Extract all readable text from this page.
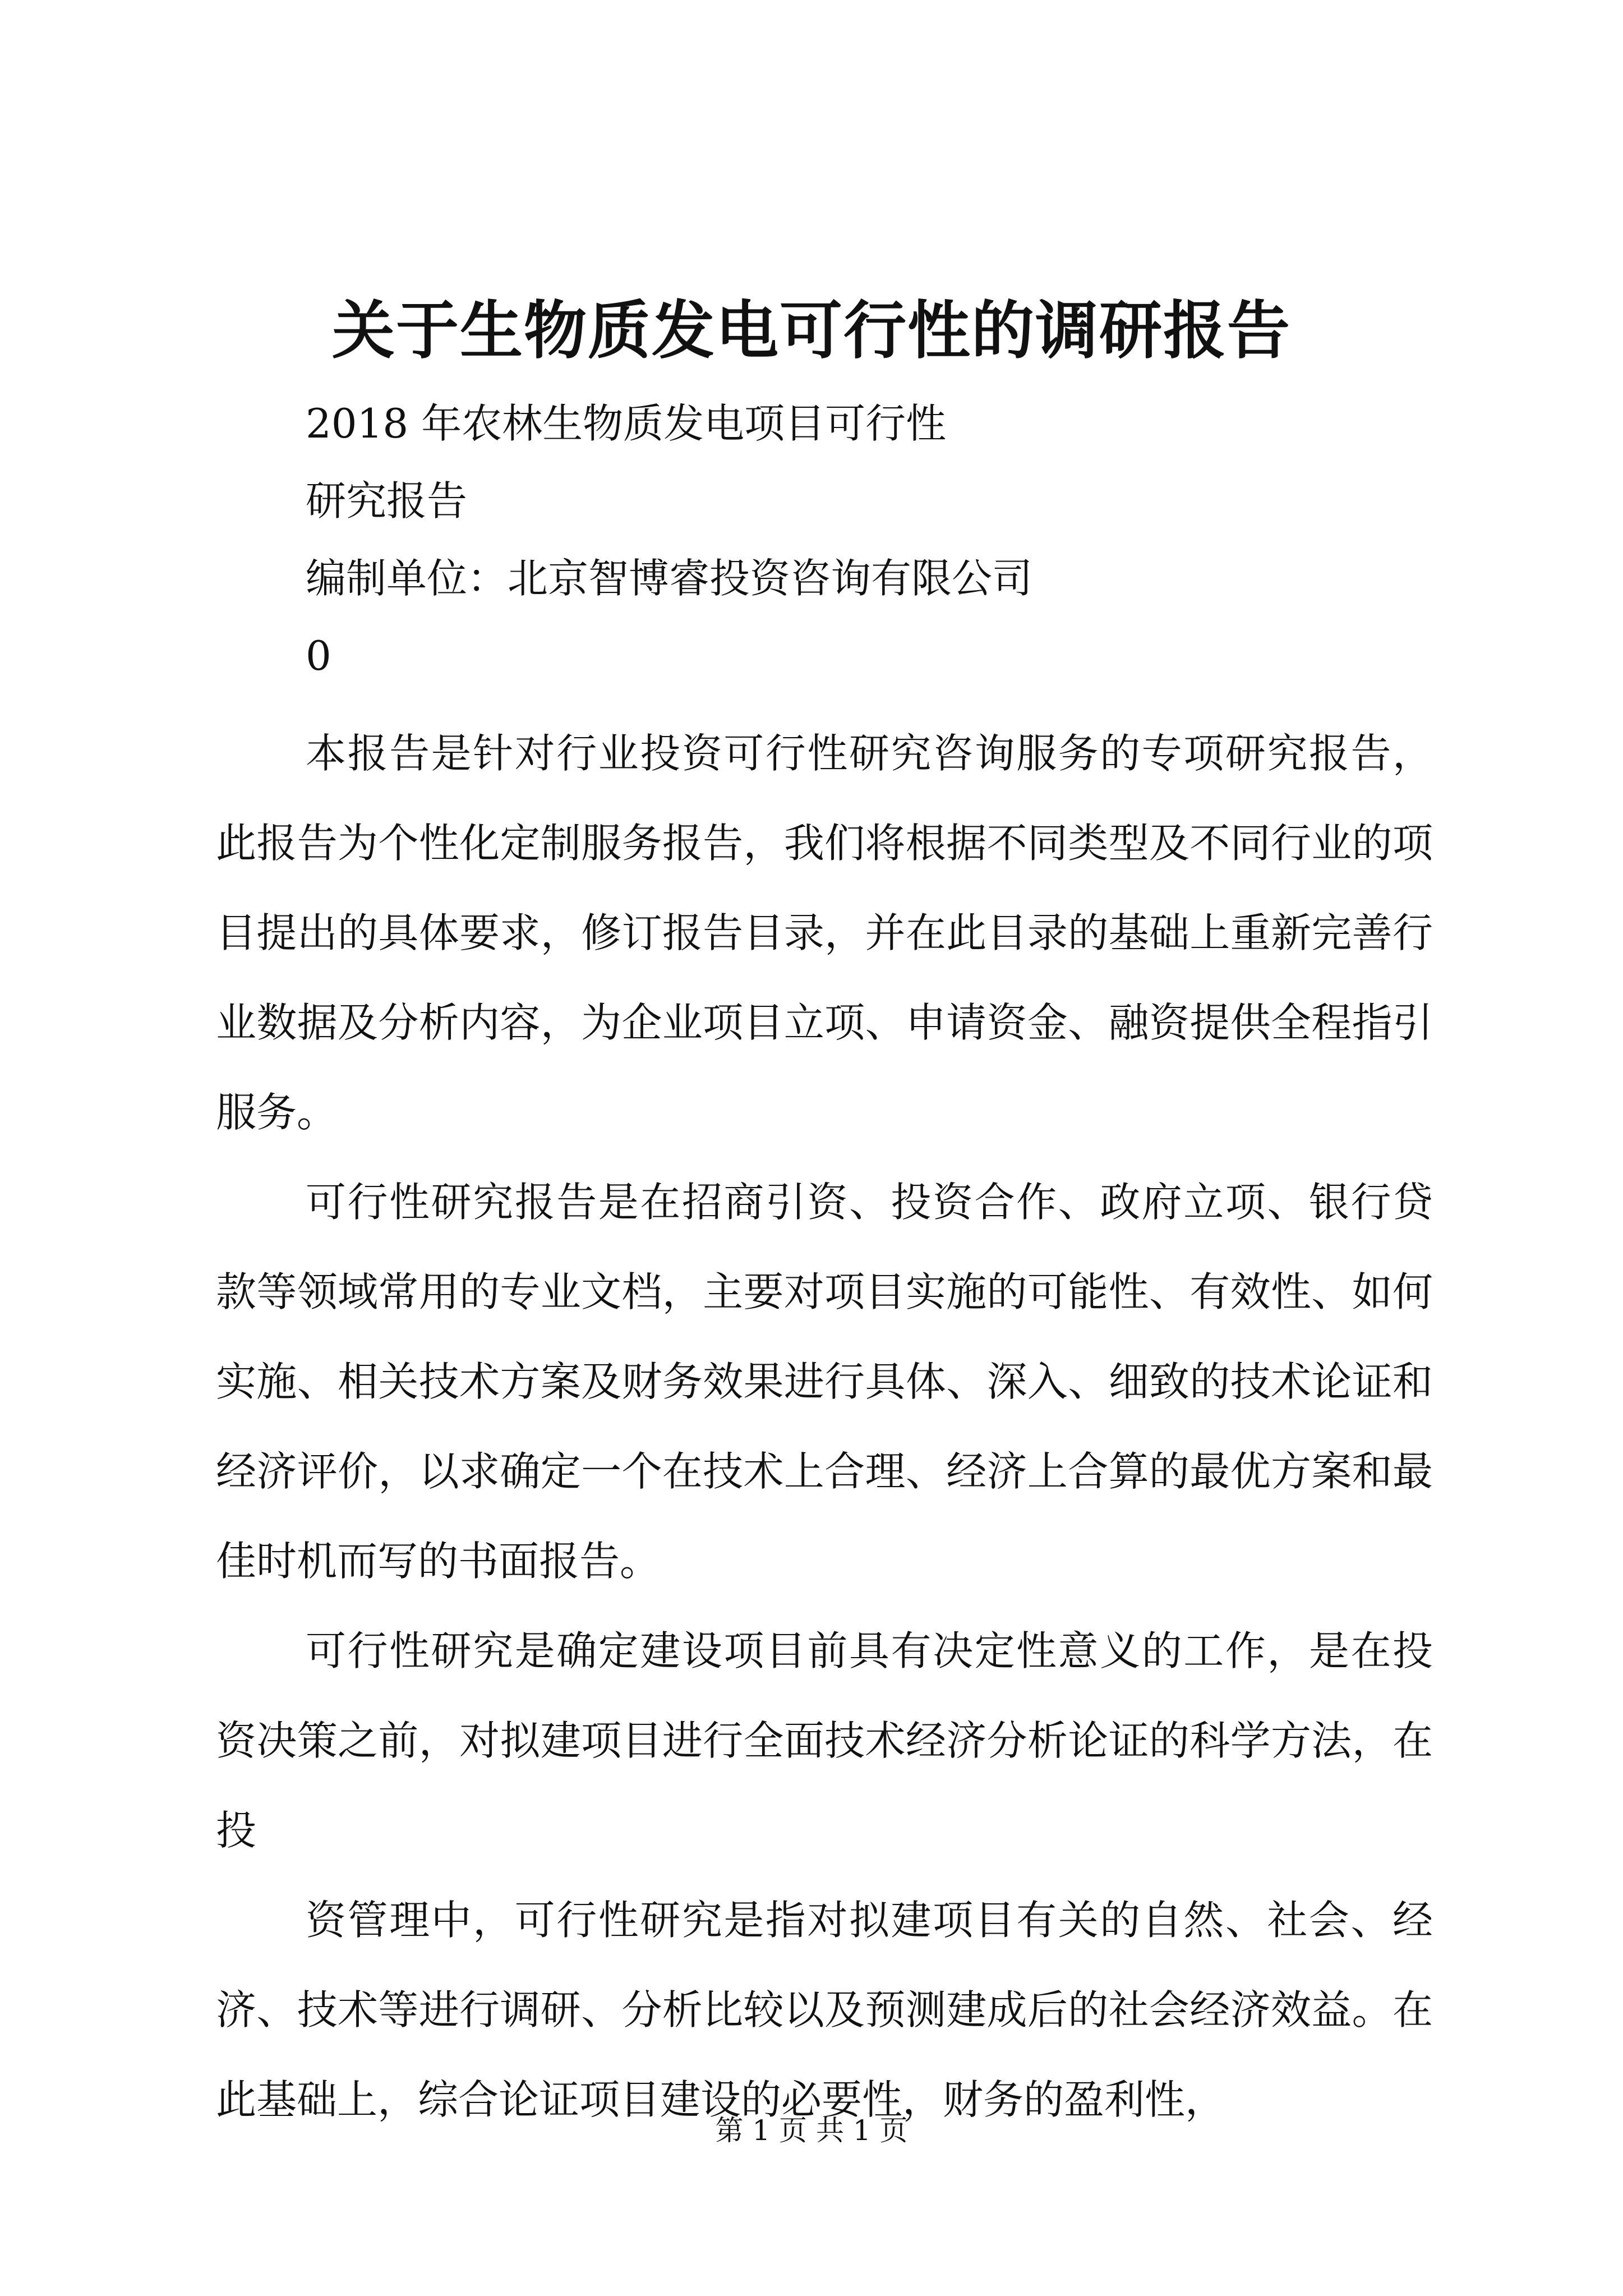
关于生物质发电可行性的调研报告
2018 年农林生物质发电项目可行性
研究报告
编制单位：北京智博睿投资咨询有限公司
0

本报告是针对行业投资可行性研究咨询服务的专项研究报告，此报告为个性化定制服务报告，我们将根据不同类型及不同行业的项目提出的具体要求，修订报告目录，并在此目录的基础上重新完善行业数据及分析内容，为企业项目立项、申请资金、融资提供全程指引服务。

可行性研究报告是在招商引资、投资合作、政府立项、银行贷款等领域常用的专业文档，主要对项目实施的可能性、有效性、如何实施、相关技术方案及财务效果进行具体、深入、细致的技术论证和经济评价，以求确定一个在技术上合理、经济上合算的最优方案和最佳时机而写的书面报告。

可行性研究是确定建设项目前具有决定性意义的工作，是在投资决策之前，对拟建项目进行全面技术经济分析论证的科学方法，在投

资管理中，可行性研究是指对拟建项目有关的自然、社会、经济、技术等进行调研、分析比较以及预测建成后的社会经济效益。在此基础上，综合论证项目建设的必要性，财务的盈利性，

第 1 页 共 1 页
